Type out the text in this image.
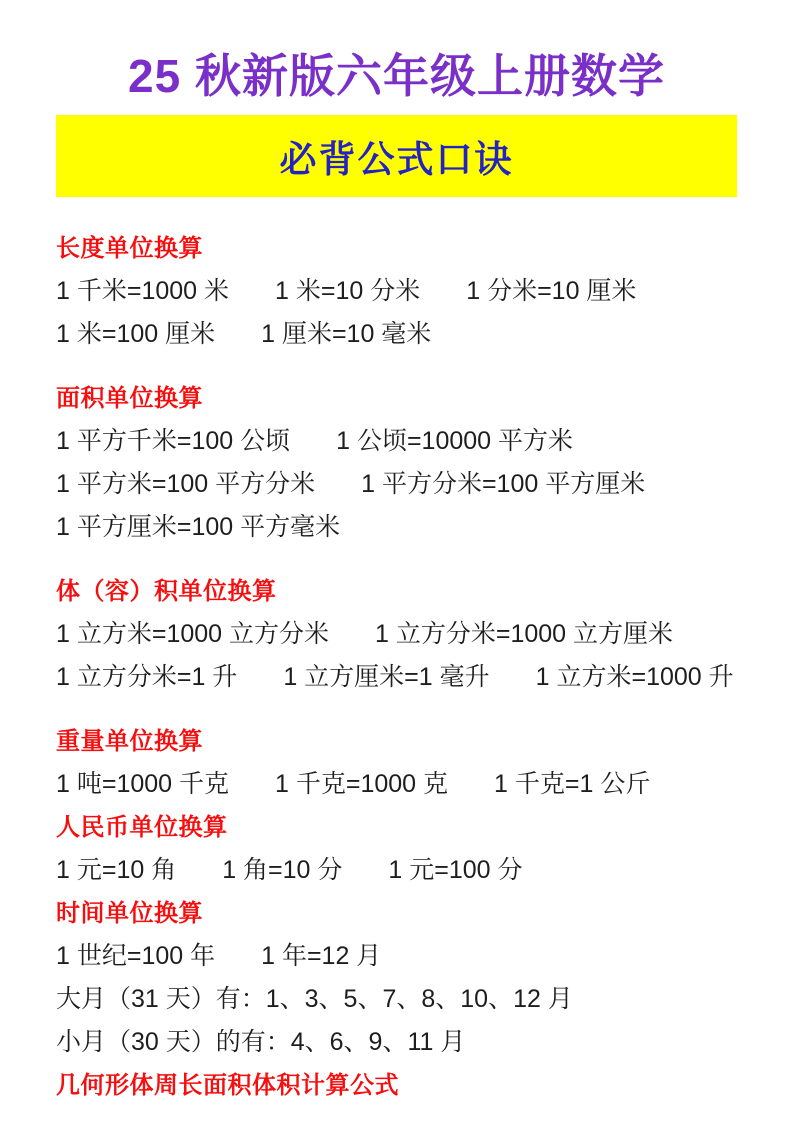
25 秋新版六年级上册数学
必背公式口诀
长度单位换算
1 千米=1000 米 1 米=10 分米 1 分米=10 厘米
1 米=100 厘米 1 厘米=10 毫米
面积单位换算
1 平方千米=100 公顷 1 公顷=10000 平方米
1 平方米=100 平方分米 1 平方分米=100 平方厘米
1 平方厘米=100 平方毫米
体（容）积单位换算
1 立方米=1000 立方分米 1 立方分米=1000 立方厘米
1 立方分米=1 升 1 立方厘米=1 毫升 1 立方米=1000 升
重量单位换算
1 吨=1000 千克 1 千克=1000 克 1 千克=1 公斤
人民币单位换算
1 元=10 角 1 角=10 分 1 元=100 分
时间单位换算
1 世纪=100 年 1 年=12 月
大月（31 天）有：1、3、5、7、8、10、12 月
小月（30 天）的有：4、6、9、11 月
几何形体周长面积体积计算公式
